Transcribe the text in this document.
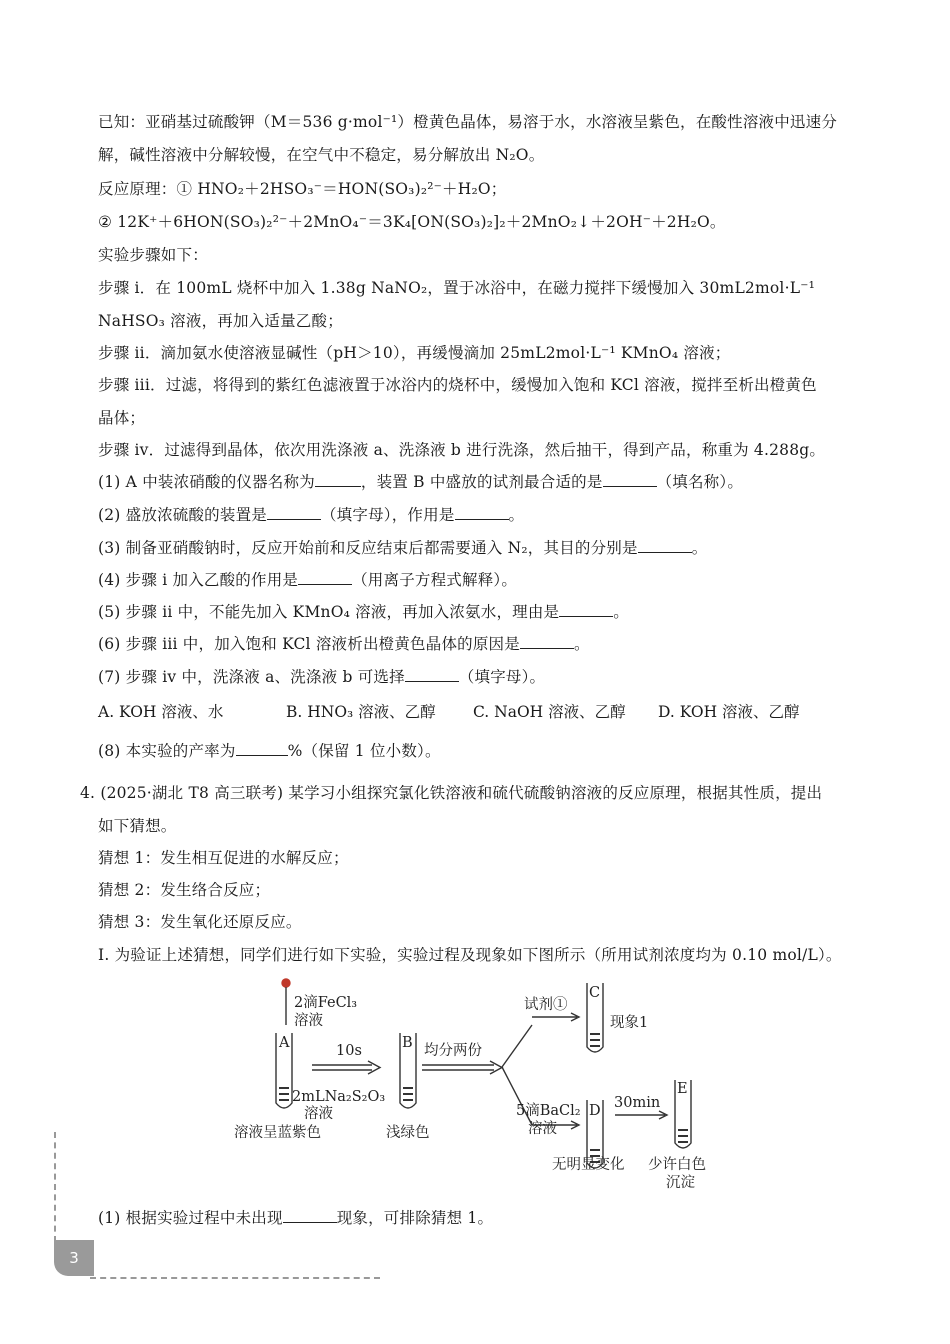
已知：亚硝基过硫酸钾（M＝536 g·mol⁻¹）橙黄色晶体，易溶于水，水溶液呈紫色，在酸性溶液中迅速分
解，碱性溶液中分解较慢，在空气中不稳定，易分解放出 N₂O。
反应原理：① HNO₂＋2HSO₃⁻＝HON(SO₃)₂²⁻＋H₂O；
② 12K⁺＋6HON(SO₃)₂²⁻＋2MnO₄⁻＝3K₄[ON(SO₃)₂]₂＋2MnO₂↓＋2OH⁻＋2H₂O。
实验步骤如下：
步骤 i．在 100mL 烧杯中加入 1.38g NaNO₂，置于冰浴中，在磁力搅拌下缓慢加入 30mL2mol·L⁻¹
NaHSO₃ 溶液，再加入适量乙酸；
步骤 ii．滴加氨水使溶液显碱性（pH＞10），再缓慢滴加 25mL2mol·L⁻¹ KMnO₄ 溶液；
步骤 iii．过滤，将得到的紫红色滤液置于冰浴内的烧杯中，缓慢加入饱和 KCl 溶液，搅拌至析出橙黄色
晶体；
步骤 iv．过滤得到晶体，依次用洗涤液 a、洗涤液 b 进行洗涤，然后抽干，得到产品，称重为 4.288g。
(1) A 中装浓硝酸的仪器名称为	，装置 B 中盛放的试剂最合适的是	（填名称）。
(2) 盛放浓硫酸的装置是	（填字母），作用是	。
(3) 制备亚硝酸钠时，反应开始前和反应结束后都需要通入 N₂，其目的分别是	。
(4) 步骤 i 加入乙酸的作用是	（用离子方程式解释）。
(5) 步骤 ii 中，不能先加入 KMnO₄ 溶液，再加入浓氨水，理由是	。
(6) 步骤 iii 中，加入饱和 KCl 溶液析出橙黄色晶体的原因是	。
(7) 步骤 iv 中，洗涤液 a、洗涤液 b 可选择	（填字母）。
A. KOH 溶液、水	B. HNO₃ 溶液、乙醇 C. NaOH 溶液、乙醇 D. KOH 溶液、乙醇
(8) 本实验的产率为	%（保留 1 位小数）。
4. (2025·湖北 T8 高三联考) 某学习小组探究氯化铁溶液和硫代硫酸钠溶液的反应原理，根据其性质，提出
如下猜想。
猜想 1：发生相互促进的水解反应；
猜想 2：发生络合反应；
猜想 3：发生氧化还原反应。
I. 为验证上述猜想，同学们进行如下实验，实验过程及现象如下图所示（所用试剂浓度均为 0.10 mol/L）。
2滴FeCl₃
溶液
A	B
C
D
E
10s	均分两份
试剂①
现象1
5滴BaCl₂
溶液
30min
2mLNa₂S₂O₃
溶液
溶液呈蓝紫色	浅绿色
无明显变化 少许白色
沉淀
(1) 根据实验过程中未出现	现象，可排除猜想 1。
3
